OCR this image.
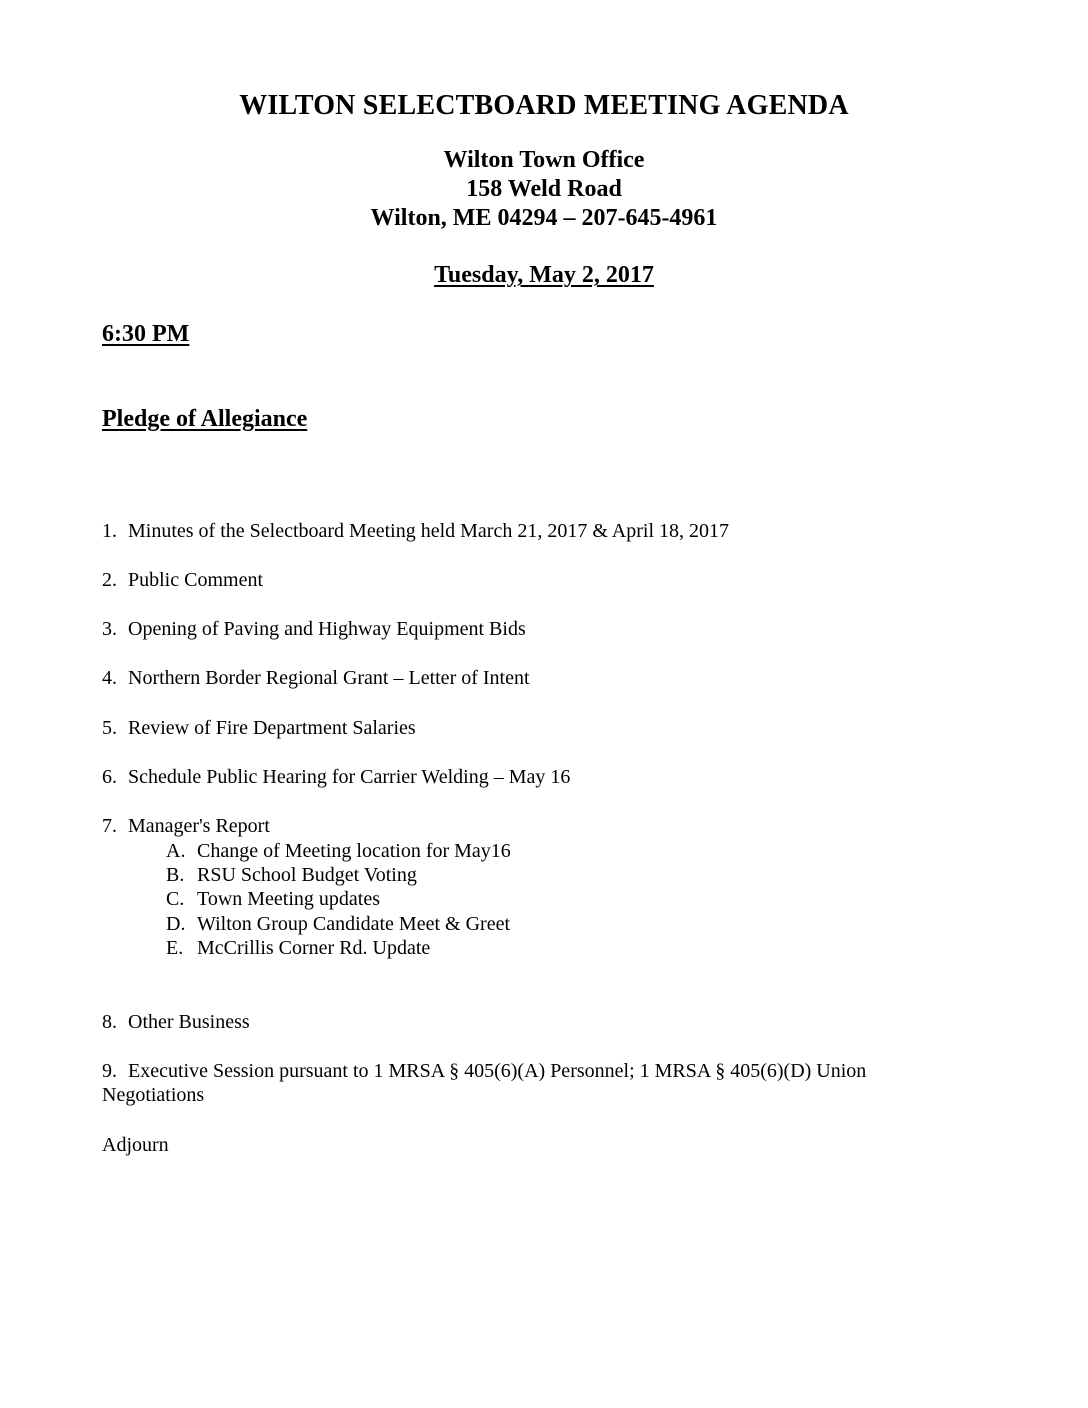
WILTON SELECTBOARD MEETING AGENDA
Wilton Town Office
158 Weld Road
Wilton, ME 04294 – 207-645-4961
Tuesday, May 2, 2017
6:30 PM
Pledge of Allegiance
1. Minutes of the Selectboard Meeting held March 21, 2017 & April 18, 2017
2. Public Comment
3. Opening of Paving and Highway Equipment Bids
4. Northern Border Regional Grant – Letter of Intent
5. Review of Fire Department Salaries
6. Schedule Public Hearing for Carrier Welding – May 16
7. Manager's Report
A. Change of Meeting location for May16
B. RSU School Budget Voting
C. Town Meeting updates
D. Wilton Group Candidate Meet & Greet
E. McCrillis Corner Rd. Update
8. Other Business
9. Executive Session pursuant to 1 MRSA § 405(6)(A) Personnel; 1 MRSA § 405(6)(D) Union
Negotiations
Adjourn
